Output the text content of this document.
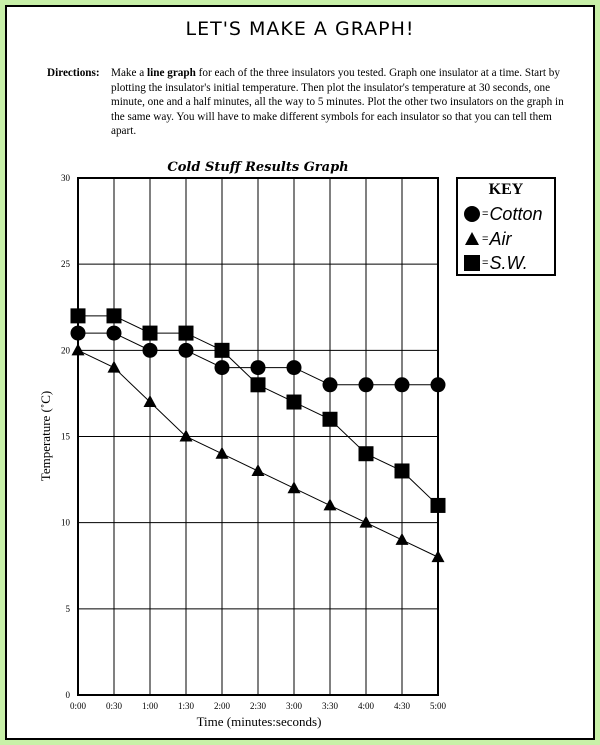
LET'S MAKE A GRAPH!
Directions: Make a line graph for each of the three insulators you tested. Graph one insulator at a time. Start by plotting the insulator's initial temperature. Then plot the insulator's temperature at 30 seconds, one minute, one and a half minutes, all the way to 5 minutes. Plot the other two insulators on the graph in the same way. You will have to make different symbols for each insulator so that you can tell them apart.
0:00 0:30 1:00 1:30 2:00 2:30 3:00 3:30 4:00 4:30 5:00
0
5
10
15
20
25
30
Cold Stuff Results Graph
Time (minutes:seconds)
Temperature (˚C)
KEY
= Cotton
= Air
= S.W.
